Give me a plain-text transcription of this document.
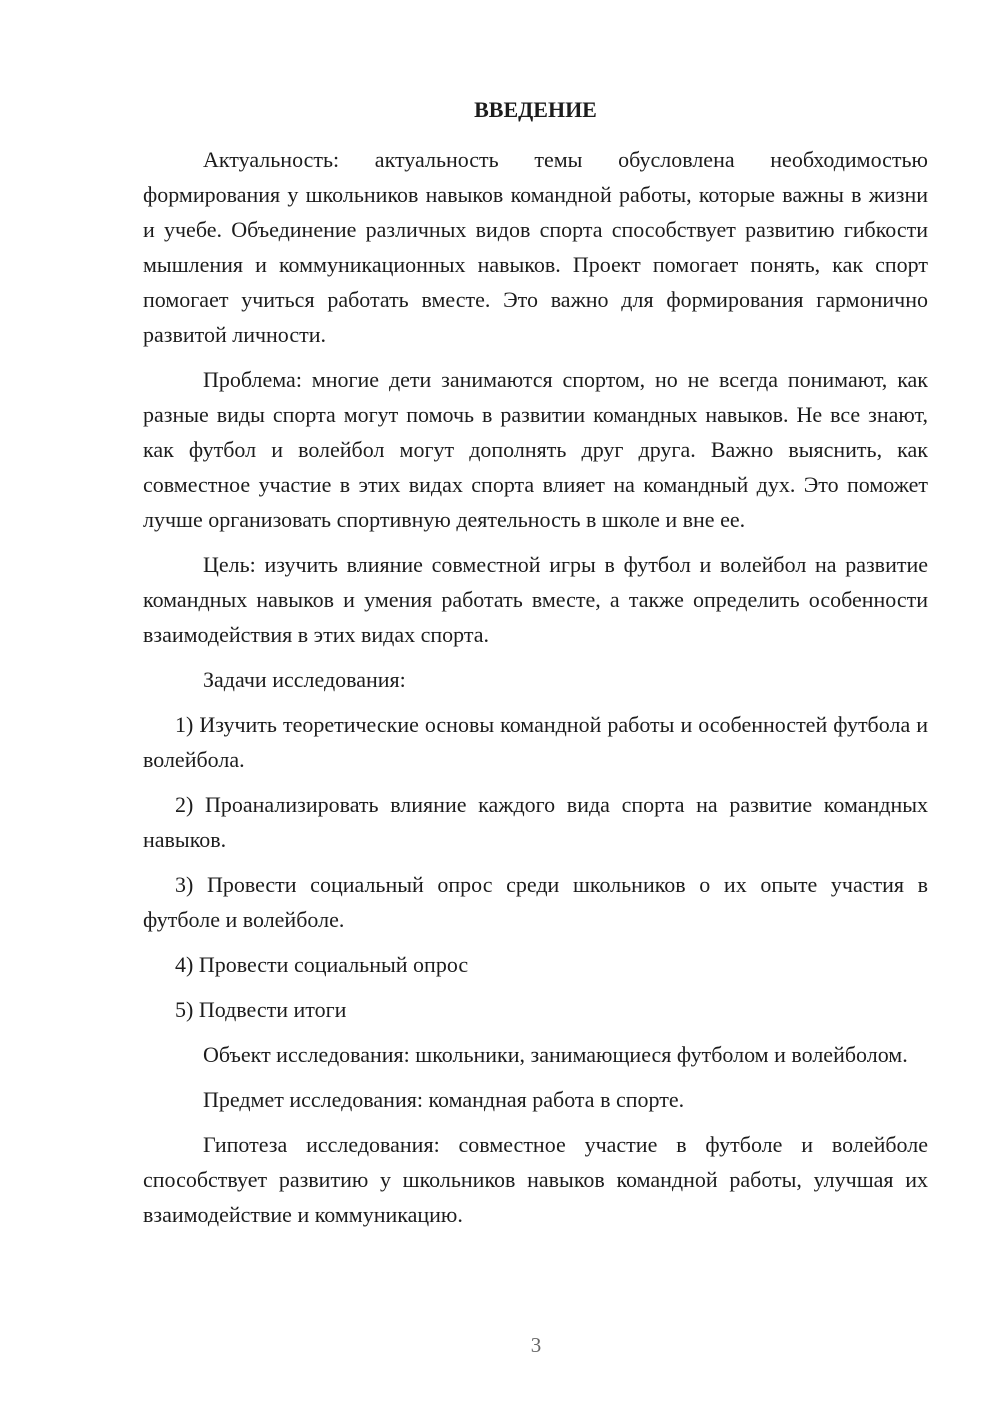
ВВЕДЕНИЕ

Актуальность: актуальность темы обусловлена необходимостью формирования у школьников навыков командной работы, которые важны в жизни и учебе. Объединение различных видов спорта способствует развитию гибкости мышления и коммуникационных навыков. Проект помогает понять, как спорт помогает учиться работать вместе. Это важно для формирования гармонично развитой личности.

Проблема: многие дети занимаются спортом, но не всегда понимают, как разные виды спорта могут помочь в развитии командных навыков. Не все знают, как футбол и волейбол могут дополнять друг друга. Важно выяснить, как совместное участие в этих видах спорта влияет на командный дух. Это поможет лучше организовать спортивную деятельность в школе и вне ее.

Цель: изучить влияние совместной игры в футбол и волейбол на развитие командных навыков и умения работать вместе, а также определить особенности взаимодействия в этих видах спорта.

Задачи исследования:

1) Изучить теоретические основы командной работы и особенностей футбола и волейбола.

2) Проанализировать влияние каждого вида спорта на развитие командных навыков.

3) Провести социальный опрос среди школьников о их опыте участия в футболе и волейболе.

4) Провести социальный опрос

5) Подвести итоги

Объект исследования: школьники, занимающиеся футболом и волейболом.

Предмет исследования: командная работа в спорте.

Гипотеза исследования: совместное участие в футболе и волейболе способствует развитию у школьников навыков командной работы, улучшая их взаимодействие и коммуникацию.

3
